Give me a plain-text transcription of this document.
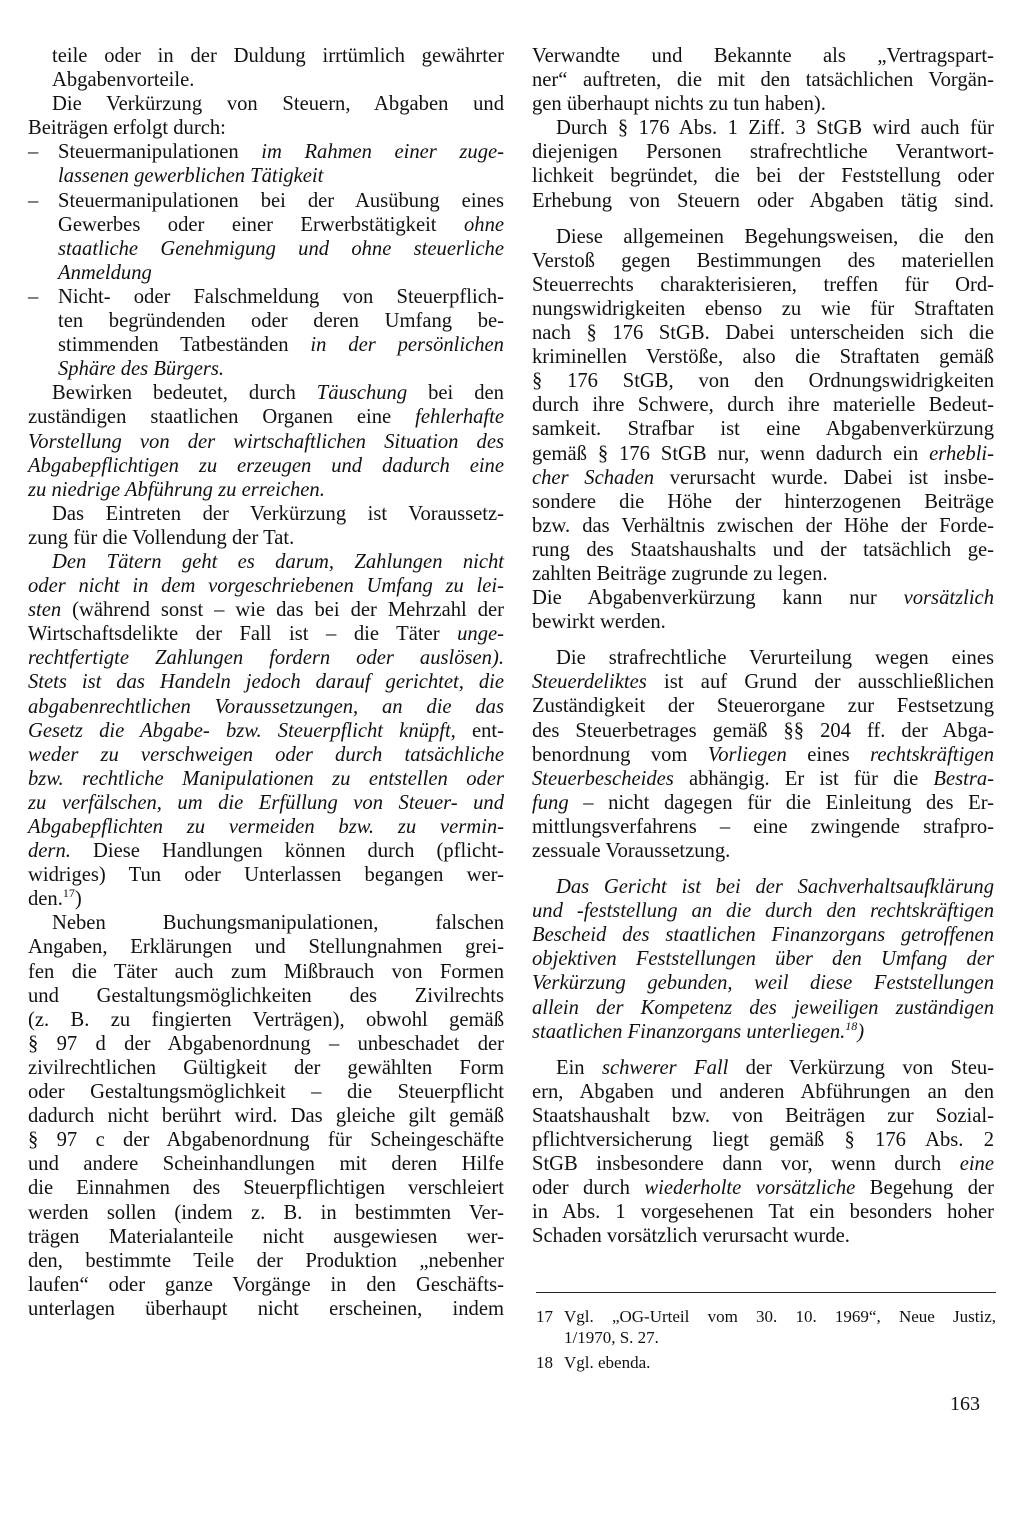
teile oder in der Duldung irrtümlich gewährter
Abgabenvorteile.
Die Verkürzung von Steuern, Abgaben und
Beiträgen erfolgt durch:
– Steuermanipulationen im Rahmen einer zuge-
lassenen gewerblichen Tätigkeit
– Steuermanipulationen bei der Ausübung eines
Gewerbes oder einer Erwerbstätigkeit ohne
staatliche Genehmigung und ohne steuerliche
Anmeldung
– Nicht- oder Falschmeldung von Steuerpflich-
ten begründenden oder deren Umfang be-
stimmenden Tatbeständen in der persönlichen
Sphäre des Bürgers.
Bewirken bedeutet, durch Täuschung bei den
zuständigen staatlichen Organen eine fehlerhafte
Vorstellung von der wirtschaftlichen Situation des
Abgabepflichtigen zu erzeugen und dadurch eine
zu niedrige Abführung zu erreichen.
Das Eintreten der Verkürzung ist Voraussetz-
zung für die Vollendung der Tat.
Den Tätern geht es darum, Zahlungen nicht
oder nicht in dem vorgeschriebenen Umfang zu lei-
sten (während sonst – wie das bei der Mehrzahl der
Wirtschaftsdelikte der Fall ist – die Täter unge-
rechtfertigte Zahlungen fordern oder auslösen).
Stets ist das Handeln jedoch darauf gerichtet, die
abgabenrechtlichen Voraussetzungen, an die das
Gesetz die Abgabe- bzw. Steuerpflicht knüpft, ent-
weder zu verschweigen oder durch tatsächliche
bzw. rechtliche Manipulationen zu entstellen oder
zu verfälschen, um die Erfüllung von Steuer- und
Abgabepflichten zu vermeiden bzw. zu vermin-
dern. Diese Handlungen können durch (pflicht-
widriges) Tun oder Unterlassen begangen wer-
den.$^{17}$)
Neben Buchungsmanipulationen, falschen
Angaben, Erklärungen und Stellungnahmen grei-
fen die Täter auch zum Mißbrauch von Formen
und Gestaltungsmöglichkeiten des Zivilrechts
(z. B. zu fingierten Verträgen), obwohl gemäß
§ 97 d der Abgabenordnung – unbeschadet der
zivilrechtlichen Gültigkeit der gewählten Form
oder Gestaltungsmöglichkeit – die Steuerpflicht
dadurch nicht berührt wird. Das gleiche gilt gemäß
§ 97 c der Abgabenordnung für Scheingeschäfte
und andere Scheinhandlungen mit deren Hilfe
die Einnahmen des Steuerpflichtigen verschleiert
werden sollen (indem z. B. in bestimmten Ver-
trägen Materialanteile nicht ausgewiesen wer-
den, bestimmte Teile der Produktion „nebenher
laufen“ oder ganze Vorgänge in den Geschäfts-
unterlagen überhaupt nicht erscheinen, indem
Verwandte und Bekannte als „Vertragspart-
ner“ auftreten, die mit den tatsächlichen Vorgän-
gen überhaupt nichts zu tun haben).
Durch § 176 Abs. 1 Ziff. 3 StGB wird auch für
diejenigen Personen strafrechtliche Verantwort-
lichkeit begründet, die bei der Feststellung oder
Erhebung von Steuern oder Abgaben tätig sind.
Diese allgemeinen Begehungsweisen, die den
Verstoß gegen Bestimmungen des materiellen
Steuerrechts charakterisieren, treffen für Ord-
nungswidrigkeiten ebenso zu wie für Straftaten
nach § 176 StGB. Dabei unterscheiden sich die
kriminellen Verstöße, also die Straftaten gemäß
§ 176 StGB, von den Ordnungswidrigkeiten
durch ihre Schwere, durch ihre materielle Bedeut-
samkeit. Strafbar ist eine Abgabenverkürzung
gemäß § 176 StGB nur, wenn dadurch ein erhebli-
cher Schaden verursacht wurde. Dabei ist insbe-
sondere die Höhe der hinterzogenen Beiträge
bzw. das Verhältnis zwischen der Höhe der Forde-
rung des Staatshaushalts und der tatsächlich ge-
zahlten Beiträge zugrunde zu legen.
Die Abgabenverkürzung kann nur vorsätzlich
bewirkt werden.
Die strafrechtliche Verurteilung wegen eines
Steuerdeliktes ist auf Grund der ausschließlichen
Zuständigkeit der Steuerorgane zur Festsetzung
des Steuerbetrages gemäß §§ 204 ff. der Abga-
benordnung vom Vorliegen eines rechtskräftigen
Steuerbescheides abhängig. Er ist für die Bestra-
fung – nicht dagegen für die Einleitung des Er-
mittlungsverfahrens – eine zwingende strafpro-
zessuale Voraussetzung.
Das Gericht ist bei der Sachverhaltsaufklärung
und -feststellung an die durch den rechtskräftigen
Bescheid des staatlichen Finanzorgans getroffenen
objektiven Feststellungen über den Umfang der
Verkürzung gebunden, weil diese Feststellungen
allein der Kompetenz des jeweiligen zuständigen
staatlichen Finanzorgans unterliegen.$^{18}$)
Ein schwerer Fall der Verkürzung von Steu-
ern, Abgaben und anderen Abführungen an den
Staatshaushalt bzw. von Beiträgen zur Sozial-
pflichtversicherung liegt gemäß § 176 Abs. 2
StGB insbesondere dann vor, wenn durch eine
oder durch wiederholte vorsätzliche Begehung der
in Abs. 1 vorgesehenen Tat ein besonders hoher
Schaden vorsätzlich verursacht wurde.
17 Vgl. „OG-Urteil vom 30. 10. 1969“, Neue Justiz,
1/1970, S. 27.
18 Vgl. ebenda.
163
